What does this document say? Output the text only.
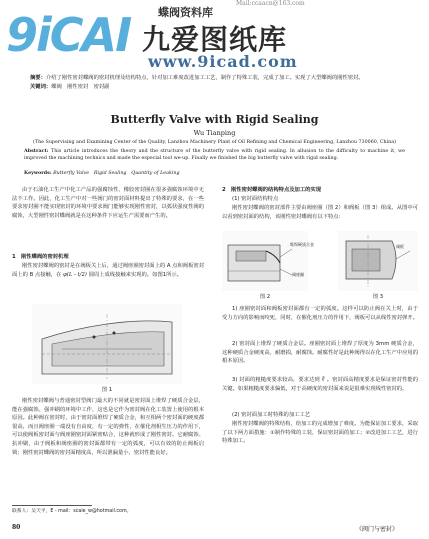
9iCAI	蝶阀资料库
九爱图纸库
www.9icad.com
Mail:ccaacn@163.com
摘要：介绍了刚性密封蝶阀的密封机理及结构特点，针对加工难度改进加工工艺，制作了特殊工装，完成了加工。实现了大型蝶阀的刚性密封。
关键词：蝶阀　刚性密封　密封副
Butterfly Valve with Rigid Sealing
Wu Tianping
(The Supervising and Examining Center of the Quality, Lanzhou Machinery Plant of Oil Refining and Chemical Engineering, Lanzhou 730060, China)
Abstract: This article introduces the theory and the structure of the butterfly valve with rigid sealing. In allusion to the difficulty to machine it, we improved the machining technics and made the especial tool we-up. Finally we finished the big butterfly valve with rigid sealing.
Keywords: Butterfly Valve　Rigid Sealing　Quantity of Leaking
由于石油化工生产中化工产品的强腐蚀性、橡胶密封圈在很多强腐蚀环境中无法不工作。因此，化工生产中对一些阀门的密封面材料提出了特殊的要求，在一些要求密封圈不能实现密封的环境中要求阀门能够实现刚性密封，以弧状强度性阀的腐蚀，大型刚性密封蝶阀就是在这种条件下应运生产需要而产生的。
1　刚性蝶阀的密封机理
刚性密封蝶阀的密封是在阀板关上后，通过阀座圈密封面上的 A 点和阀板密封面上的 B 点接触，在 φ(L - t/2) 圆周上成线接触来实现的。如图1所示。
图 1
刚性密封蝶阀与普通密封型阀门最大的不同就是密封面上堆焊了硬质合金层，能在强腐蚀、强冲刷的环境中工作，这也是它作为密封阀在化工装置上使用的根本原因。此种阀在密封时，由于密封面堆焊了硬质合金，和互相两个密封面的硬度都很高，而且阀座圈一端没有自由度，有一定的弹性，在催化剂相生压力的作用下，可以使阀板密封面与阀座圈密封面紧密贴合，这种就形成了刚性密封。它耐腐蚀、抗冲刷，由于阀板和阀座圈的密封面都带有一定的弧度，可以有效的防止阀板启锁；刚性密封蝶阀的密封面精度高，所以泄漏量小，密封性能良好。
2　刚性密封蝶阀的结构特点及加工的实现
(1) 密封面结构特点
刚性密封蝶阀的密封部件主要由阀座圈（图 2）和阀板（图 3）组成。从图中可以看到密封面的结构，该刚性密封蝶阀有以下特点：
堆焊硬质合金
阀座圈
阀板
图 2	图 3
1) 座圈密封面和阀板密封面都有一定的弧度。这样可以防止阀在关上时，由于受力方向的影响而咬死，同时，在催化剂压力的作用下，阀板可以从线性密封弹开。
2) 密封面上堆焊了硬质合金层。座圈密封面上堆焊了厚度为 3mm 硬质合金，这种硬质合金硬度高，耐磨损，耐腐蚀。耐腐性好是此种阀得以在化工生产中应用的根本原因。
3) 封面的粗糙度要求较高，要求达到 ∛ 。密封面高精度要求是保证密封性能的关键。如果粗糙度要求偏低，对于高硬度的密封面来说是很难实现线性密封的。
(2) 密封面加工时特殊的加工工艺
刚性密封蝶阀的特殊结构，给加工的完成增加了难度。为能保证加工要求，采取了以下两方面措施：①制作特殊的工装，保证密封面的加工；②改进加工工艺，进行特殊加工。
联系人：吴天平，E - mail：scale_w@hotmail.com。
80	《阀门与密封》
